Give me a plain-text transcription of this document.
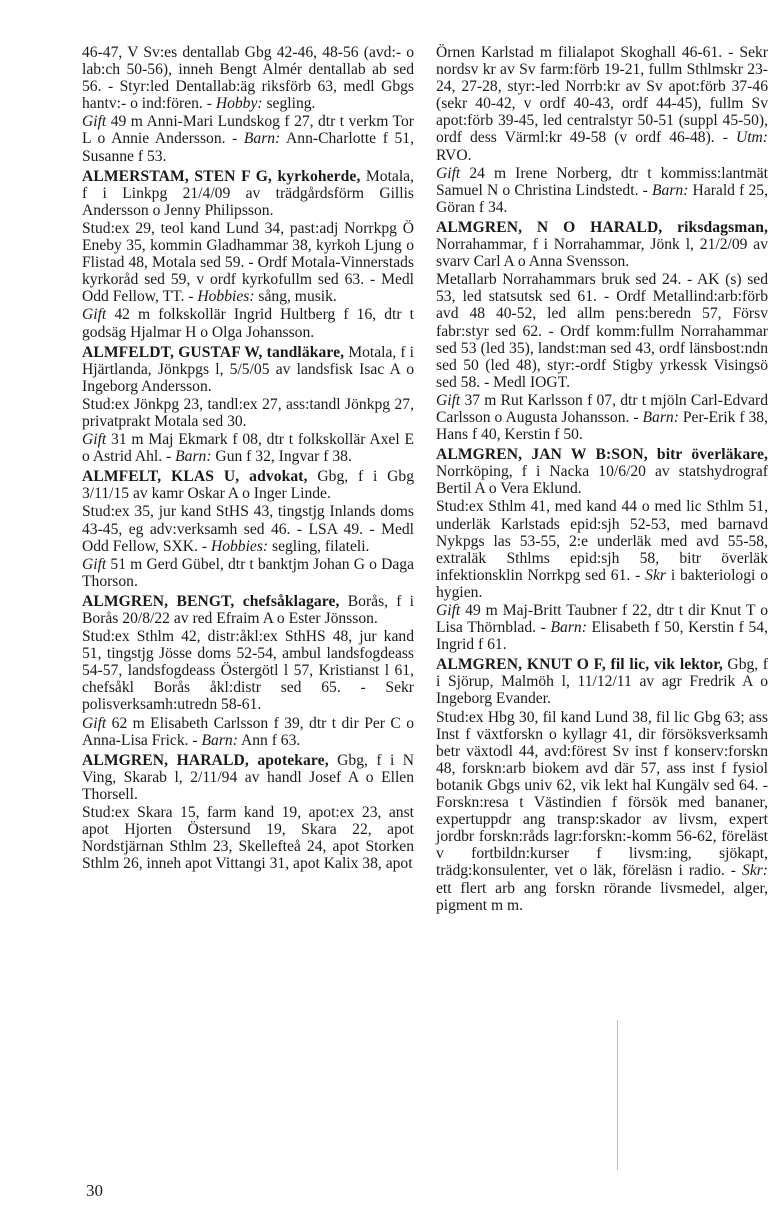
46-47, V Sv:es dentallab Gbg 42-46, 48-56 (avd:- o lab:ch 50-56), inneh Bengt Almér dentallab ab sed 56. - Styr:led Dentallab:äg riksförb 63, medl Gbgs hantv:- o ind:fören. - Hobby: segling.

Gift 49 m Anni-Mari Lundskog f 27, dtr t verkm Tor L o Annie Andersson. - Barn: Ann-Charlotte f 51, Susanne f 53.

ALMERSTAM, STEN F G, kyrkoherde, Motala, f i Linkpg 21/4/09 av trädgårdsförm Gillis Andersson o Jenny Philipsson.

Stud:ex 29, teol kand Lund 34, past:adj Norrkpg Ö Eneby 35, kommin Gladhammar 38, kyrkoh Ljung o Flistad 48, Motala sed 59. - Ordf Motala-Vinnerstads kyrkoråd sed 59, v ordf kyrkofullm sed 63. - Medl Odd Fellow, TT. - Hobbies: sång, musik.

Gift 42 m folkskollär Ingrid Hultberg f 16, dtr t godsäg Hjalmar H o Olga Johansson.

ALMFELDT, GUSTAF W, tandläkare, Motala, f i Hjärtlanda, Jönkpgs l, 5/5/05 av landsfisk Isac A o Ingeborg Andersson.

Stud:ex Jönkpg 23, tandl:ex 27, ass:tandl Jönkpg 27, privatprakt Motala sed 30.

Gift 31 m Maj Ekmark f 08, dtr t folkskollär Axel E o Astrid Ahl. - Barn: Gun f 32, Ingvar f 38.

ALMFELT, KLAS U, advokat, Gbg, f i Gbg 3/11/15 av kamr Oskar A o Inger Linde.

Stud:ex 35, jur kand StHS 43, tingstjg Inlands doms 43-45, eg adv:verksamh sed 46. - LSA 49. - Medl Odd Fellow, SXK. - Hobbies: segling, filateli.

Gift 51 m Gerd Gübel, dtr t banktjm Johan G o Daga Thorson.

ALMGREN, BENGT, chefsåklagare, Borås, f i Borås 20/8/22 av red Efraim A o Ester Jönsson.

Stud:ex Sthlm 42, distr:åkl:ex SthHS 48, jur kand 51, tingstjg Jösse doms 52-54, ambul landsfogdeass 54-57, landsfogdeass Östergötl l 57, Kristianst l 61, chefsåkl Borås åkl:distr sed 65. - Sekr polisverksamh:utredn 58-61.

Gift 62 m Elisabeth Carlsson f 39, dtr t dir Per C o Anna-Lisa Frick. - Barn: Ann f 63.

ALMGREN, HARALD, apotekare, Gbg, f i N Ving, Skarab l, 2/11/94 av handl Josef A o Ellen Thorsell.

Stud:ex Skara 15, farm kand 19, apot:ex 23, anst apot Hjorten Östersund 19, Skara 22, apot Nordstjärnan Sthlm 23, Skellefteå 24, apot Storken Sthlm 26, inneh apot Vittangi 31, apot Kalix 38, apot

Örnen Karlstad m filialapot Skoghall 46-61. - Sekr nordsv kr av Sv farm:förb 19-21, fullm Sthlmskr 23-24, 27-28, styr:-led Norrb:kr av Sv apot:förb 37-46 (sekr 40-42, v ordf 40-43, ordf 44-45), fullm Sv apot:förb 39-45, led centralstyr 50-51 (suppl 45-50), ordf dess Värml:kr 49-58 (v ordf 46-48). - Utm: RVO.

Gift 24 m Irene Norberg, dtr t kommiss:lantmät Samuel N o Christina Lindstedt. - Barn: Harald f 25, Göran f 34.

ALMGREN, N O HARALD, riksdagsman, Norrahammar, f i Norrahammar, Jönk l, 21/2/09 av svarv Carl A o Anna Svensson.

Metallarb Norrahammars bruk sed 24. - AK (s) sed 53, led statsutsk sed 61. - Ordf Metallind:arb:förb avd 48 40-52, led allm pens:beredn 57, Försv fabr:styr sed 62. - Ordf komm:fullm Norrahammar sed 53 (led 35), landst:man sed 43, ordf länsbost:ndn sed 50 (led 48), styr:-ordf Stigby yrkessk Visingsö sed 58. - Medl IOGT.

Gift 37 m Rut Karlsson f 07, dtr t mjöln Carl-Edvard Carlsson o Augusta Johansson. - Barn: Per-Erik f 38, Hans f 40, Kerstin f 50.

ALMGREN, JAN W B:SON, bitr överläkare, Norrköping, f i Nacka 10/6/20 av statshydrograf Bertil A o Vera Eklund.

Stud:ex Sthlm 41, med kand 44 o med lic Sthlm 51, underläk Karlstads epid:sjh 52-53, med barnavd Nykpgs las 53-55, 2:e underläk med avd 55-58, extraläk Sthlms epid:sjh 58, bitr överläk infektionsklin Norrkpg sed 61. - Skr i bakteriologi o hygien.

Gift 49 m Maj-Britt Taubner f 22, dtr t dir Knut T o Lisa Thörnblad. - Barn: Elisabeth f 50, Kerstin f 54, Ingrid f 61.

ALMGREN, KNUT O F, fil lic, vik lektor, Gbg, f i Sjörup, Malmöh l, 11/12/11 av agr Fredrik A o Ingeborg Evander.

Stud:ex Hbg 30, fil kand Lund 38, fil lic Gbg 63; ass Inst f växtforskn o kyllagr 41, dir försöksverksamh betr växtodl 44, avd:förest Sv inst f konserv:forskn 48, forskn:arb biokem avd där 57, ass inst f fysiol botanik Gbgs univ 62, vik lekt hal Kungälv sed 64. - Forskn:resa t Västindien f försök med bananer, expertuppdr ang transp:skador av livsm, expert jordbr forskn:råds lagr:forskn:-komm 56-62, föreläst v fortbildn:kurser f livsm:ing, sjökapt, trädg:konsulenter, vet o läk, föreläsn i radio. - Skr: ett flert arb ang forskn rörande livsmedel, alger, pigment m m.

30
